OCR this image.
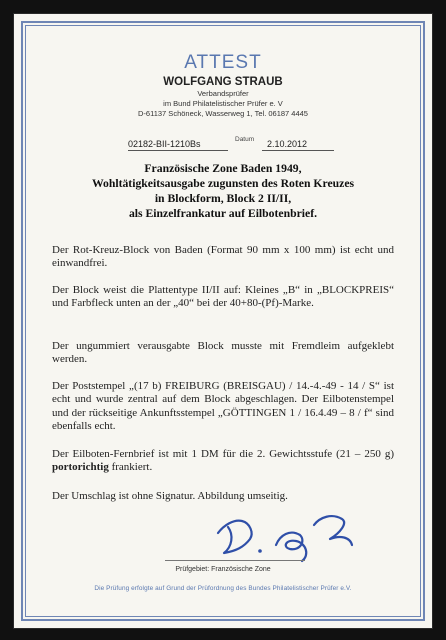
ATTEST
WOLFGANG STRAUB
Verbandsprüfer
im Bund Philatelistischer Prüfer e. V
D-61137 Schöneck, Wasserweg 1, Tel. 06187 4445
02182-BII-1210Bs	Datum 2.10.2012
Französische Zone Baden 1949,
Wohltätigkeitsausgabe zugunsten des Roten Kreuzes
in Blockform, Block 2 II/II,
als Einzelfrankatur auf Eilbotenbrief.

Der Rot-Kreuz-Block von Baden (Format 90 mm x 100 mm) ist echt und einwandfrei.

Der Block weist die Plattentype II/II auf: Kleines „B“ in „BLOCKPREIS“ und Farbfleck unten an der „40“ bei der 40+80-(Pf)-Marke.

Der ungummiert verausgabte Block musste mit Fremdleim aufgeklebt werden.

Der Poststempel „(17 b) FREIBURG (BREISGAU) / 14.-4.-49 - 14 / S“ ist echt und wurde zentral auf dem Block abgeschlagen. Der Eilbotenstempel und der rückseitige Ankunftsstempel „GÖTTINGEN 1 / 16.4.49 – 8 / f“ sind ebenfalls echt.

Der Eilboten-Fernbrief ist mit 1 DM für die 2. Gewichtsstufe (21 – 250 g) portorichtig frankiert.

Der Umschlag ist ohne Signatur. Abbildung umseitig.

Prüfgebiet: Französische Zone
Die Prüfung erfolgte auf Grund der Prüfordnung des Bundes Philatelistischer Prüfer e.V.
